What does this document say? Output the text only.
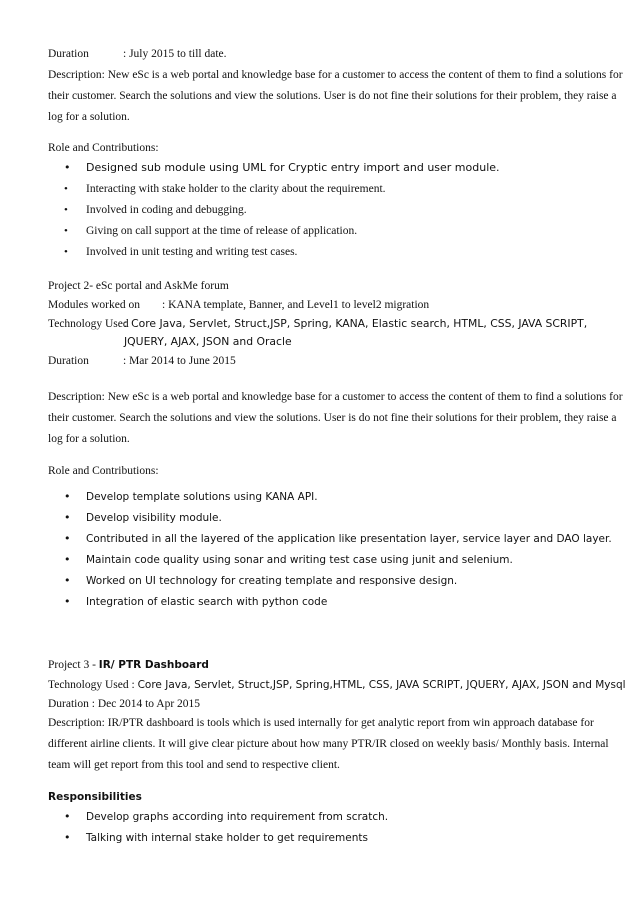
Duration	: July 2015 to till date.
Description: New eSc is a web portal and knowledge base for a customer to access the content of them to find a solutions for
their customer. Search the solutions and view the solutions. User is do not fine their solutions for their problem, they raise a
log for a solution.
Role and Contributions:
• Designed sub module using UML for Cryptic entry import and user module.
• Interacting with stake holder to the clarity about the requirement.
• Involved in coding and debugging.
• Giving on call support at the time of release of application.
• Involved in unit testing and writing test cases.
Project 2- eSc portal and AskMe forum
Modules worked on : KANA template, Banner, and Level1 to level2 migration
Technology Used
: Core Java, Servlet, Struct,JSP, Spring, KANA, Elastic search, HTML, CSS, JAVA SCRIPT,
JQUERY, AJAX, JSON and Oracle
Duration	: Mar 2014 to June 2015
Description: New eSc is a web portal and knowledge base for a customer to access the content of them to find a solutions for
their customer. Search the solutions and view the solutions. User is do not fine their solutions for their problem, they raise a
log for a solution.
Role and Contributions:
• Develop template solutions using KANA API.
• Develop visibility module.
• Contributed in all the layered of the application like presentation layer, service layer and DAO layer.
• Maintain code quality using sonar and writing test case using junit and selenium.
• Worked on UI technology for creating template and responsive design.
• Integration of elastic search with python code
Project 3 - IR/ PTR Dashboard
Technology Used : Core Java, Servlet, Struct,JSP, Spring,HTML, CSS, JAVA SCRIPT, JQUERY, AJAX, JSON and Mysql
Duration : Dec 2014 to Apr 2015
Description: IR/PTR dashboard is tools which is used internally for get analytic report from win approach database for
different airline clients. It will give clear picture about how many PTR/IR closed on weekly basis/ Monthly basis. Internal
team will get report from this tool and send to respective client.
Responsibilities
• Develop graphs according into requirement from scratch.
• Talking with internal stake holder to get requirements
